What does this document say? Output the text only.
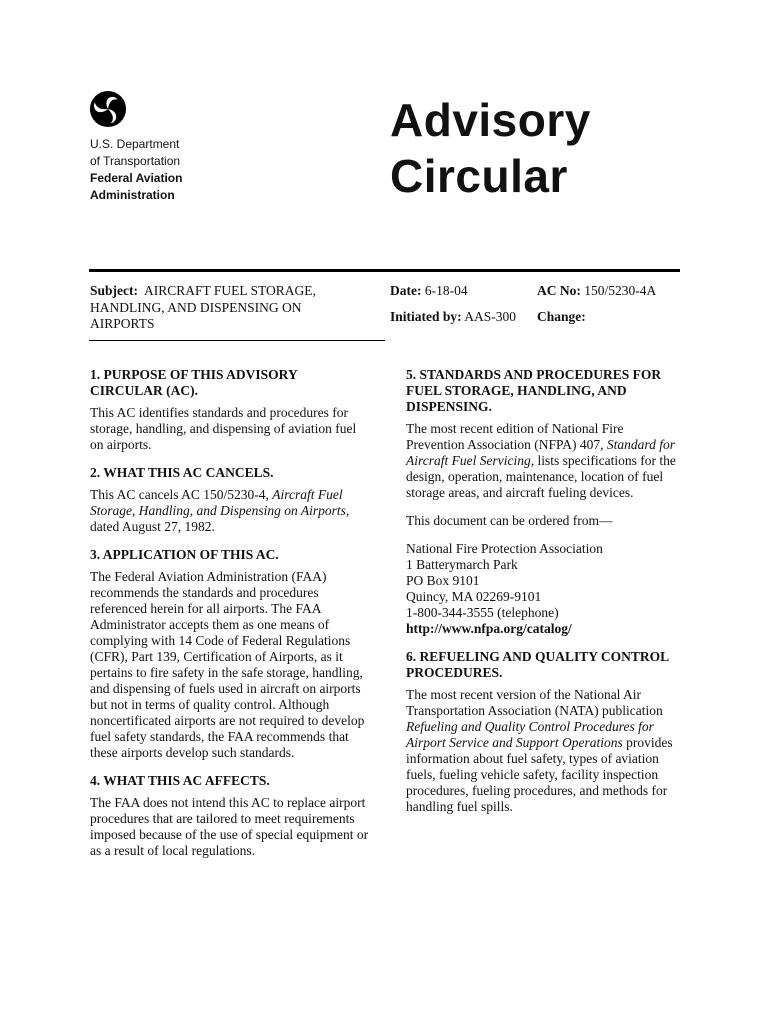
U.S. Department
of Transportation
Federal Aviation
Administration
Advisory
Circular
Subject: AIRCRAFT FUEL STORAGE, HANDLING, AND DISPENSING ON AIRPORTS
Date: 6-18-04	AC No: 150/5230-4A
Initiated by: AAS-300 Change:
1. PURPOSE OF THIS ADVISORY CIRCULAR (AC).
This AC identifies standards and procedures for storage, handling, and dispensing of aviation fuel on airports.
2. WHAT THIS AC CANCELS.
This AC cancels AC 150/5230-4, Aircraft Fuel Storage, Handling, and Dispensing on Airports, dated August 27, 1982.
3. APPLICATION OF THIS AC.
The Federal Aviation Administration (FAA) recommends the standards and procedures referenced herein for all airports. The FAA Administrator accepts them as one means of complying with 14 Code of Federal Regulations (CFR), Part 139, Certification of Airports, as it pertains to fire safety in the safe storage, handling, and dispensing of fuels used in aircraft on airports but not in terms of quality control. Although noncertificated airports are not required to develop fuel safety standards, the FAA recommends that these airports develop such standards.
4. WHAT THIS AC AFFECTS.
The FAA does not intend this AC to replace airport procedures that are tailored to meet requirements imposed because of the use of special equipment or as a result of local regulations.
5. STANDARDS AND PROCEDURES FOR FUEL STORAGE, HANDLING, AND DISPENSING.
The most recent edition of National Fire Prevention Association (NFPA) 407, Standard for Aircraft Fuel Servicing, lists specifications for the design, operation, maintenance, location of fuel storage areas, and aircraft fueling devices.
This document can be ordered from—
National Fire Protection Association
1 Batterymarch Park
PO Box 9101
Quincy, MA 02269-9101
1-800-344-3555 (telephone)
http://www.nfpa.org/catalog/
6. REFUELING AND QUALITY CONTROL PROCEDURES.
The most recent version of the National Air Transportation Association (NATA) publication Refueling and Quality Control Procedures for Airport Service and Support Operations provides information about fuel safety, types of aviation fuels, fueling vehicle safety, facility inspection procedures, fueling procedures, and methods for handling fuel spills.
